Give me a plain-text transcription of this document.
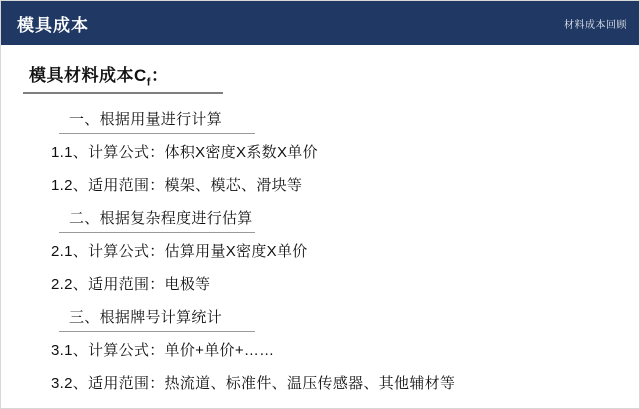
模具成本	材料成本回顾
模具材料成本$C_f$：
一、根据用量进行计算
1.1、计算公式：体积X密度X系数X单价
1.2、适用范围：模架、模芯、滑块等
二、根据复杂程度进行估算
2.1、计算公式：估算用量X密度X单价
2.2、适用范围：电极等
三、根据牌号计算统计
3.1、计算公式：单价+单价+……
3.2、适用范围：热流道、标准件、温压传感器、其他辅材等
